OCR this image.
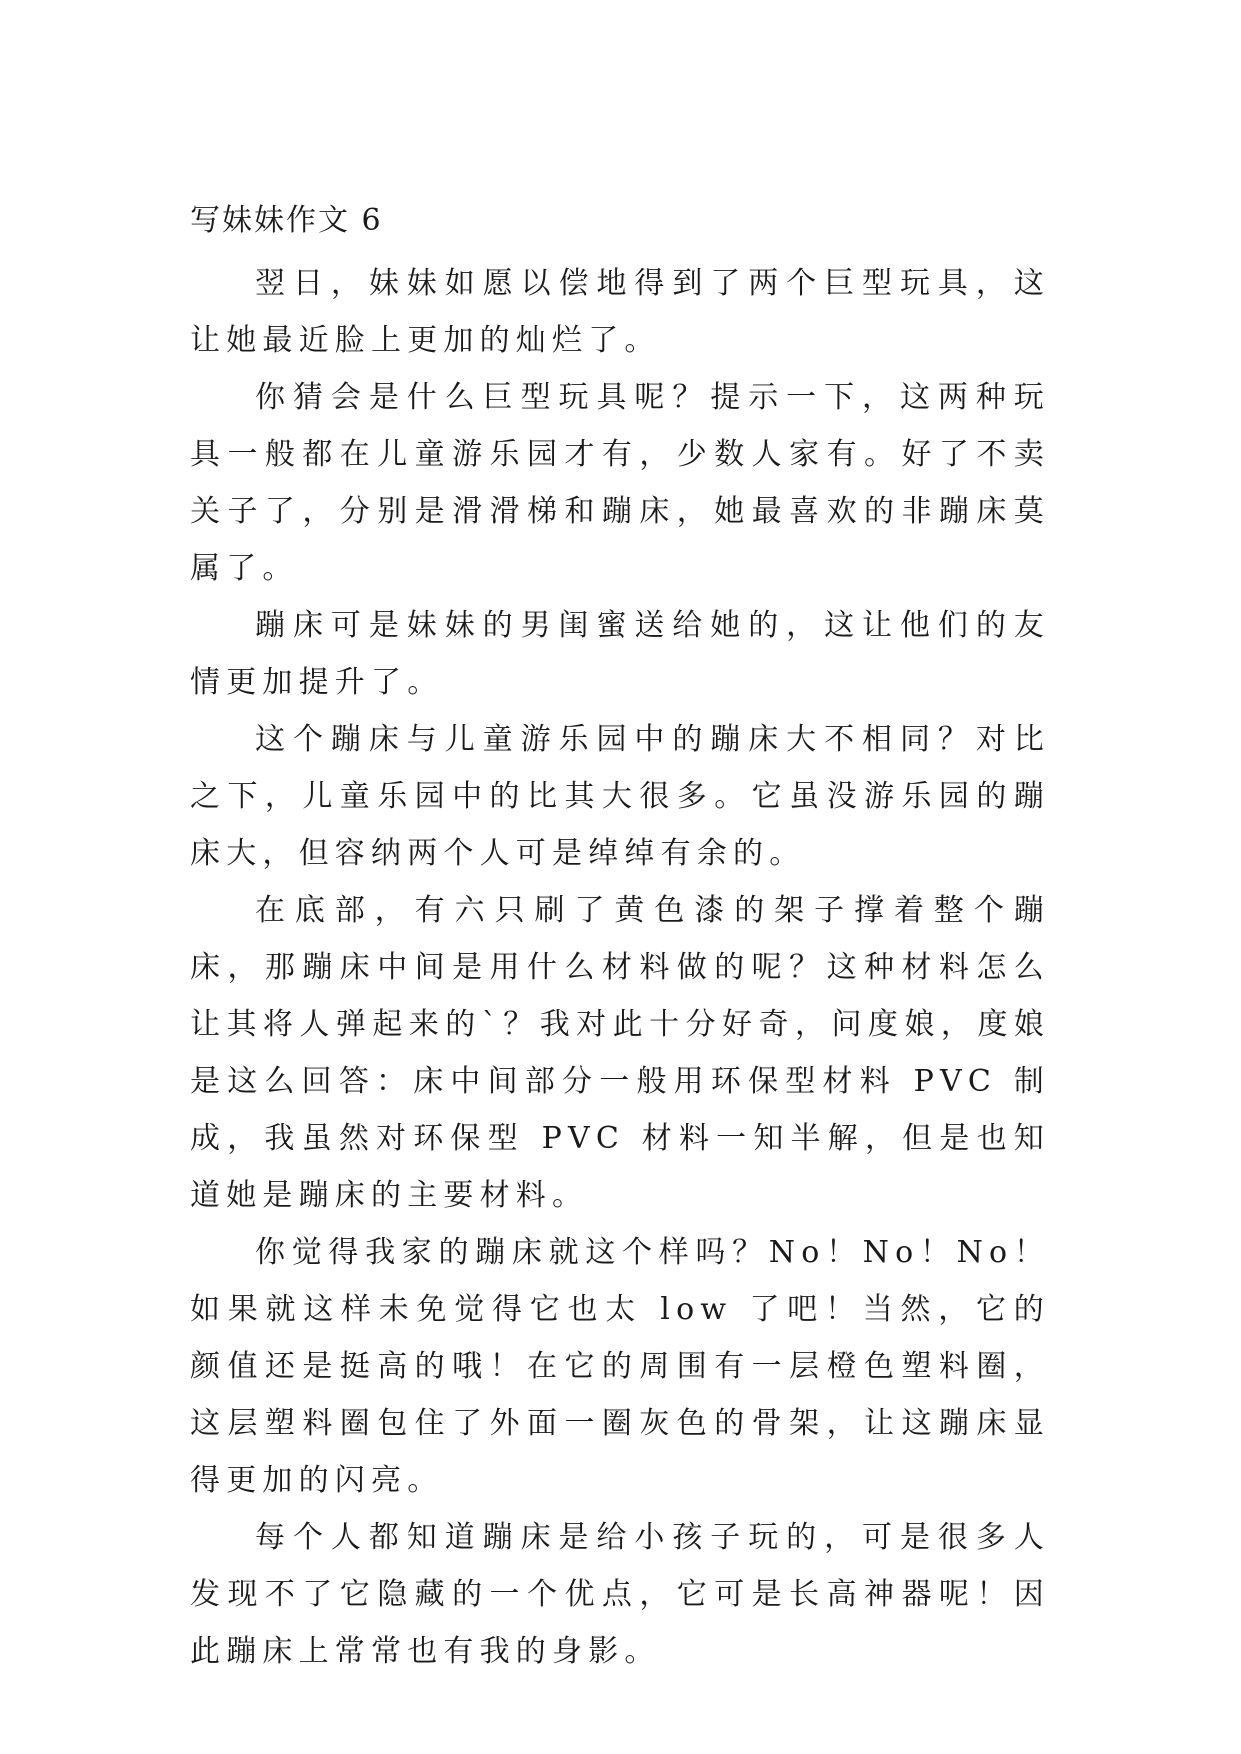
写妹妹作文 6

翌日，妹妹如愿以偿地得到了两个巨型玩具，这让她最近脸上更加的灿烂了。

你猜会是什么巨型玩具呢？提示一下，这两种玩具一般都在儿童游乐园才有，少数人家有。好了不卖关子了，分别是滑滑梯和蹦床，她最喜欢的非蹦床莫属了。

蹦床可是妹妹的男闺蜜送给她的，这让他们的友情更加提升了。

这个蹦床与儿童游乐园中的蹦床大不相同？对比之下，儿童乐园中的比其大很多。它虽没游乐园的蹦床大，但容纳两个人可是绰绰有余的。

在底部，有六只刷了黄色漆的架子撑着整个蹦床，那蹦床中间是用什么材料做的呢？这种材料怎么让其将人弹起来的`？我对此十分好奇，问度娘，度娘是这么回答：床中间部分一般用环保型材料 PVC 制成，我虽然对环保型 PVC 材料一知半解，但是也知道她是蹦床的主要材料。

你觉得我家的蹦床就这个样吗？No！No！No！如果就这样未免觉得它也太 low 了吧！当然，它的颜值还是挺高的哦！在它的周围有一层橙色塑料圈，这层塑料圈包住了外面一圈灰色的骨架，让这蹦床显得更加的闪亮。

每个人都知道蹦床是给小孩子玩的，可是很多人发现不了它隐藏的一个优点，它可是长高神器呢！因此蹦床上常常也有我的身影。
